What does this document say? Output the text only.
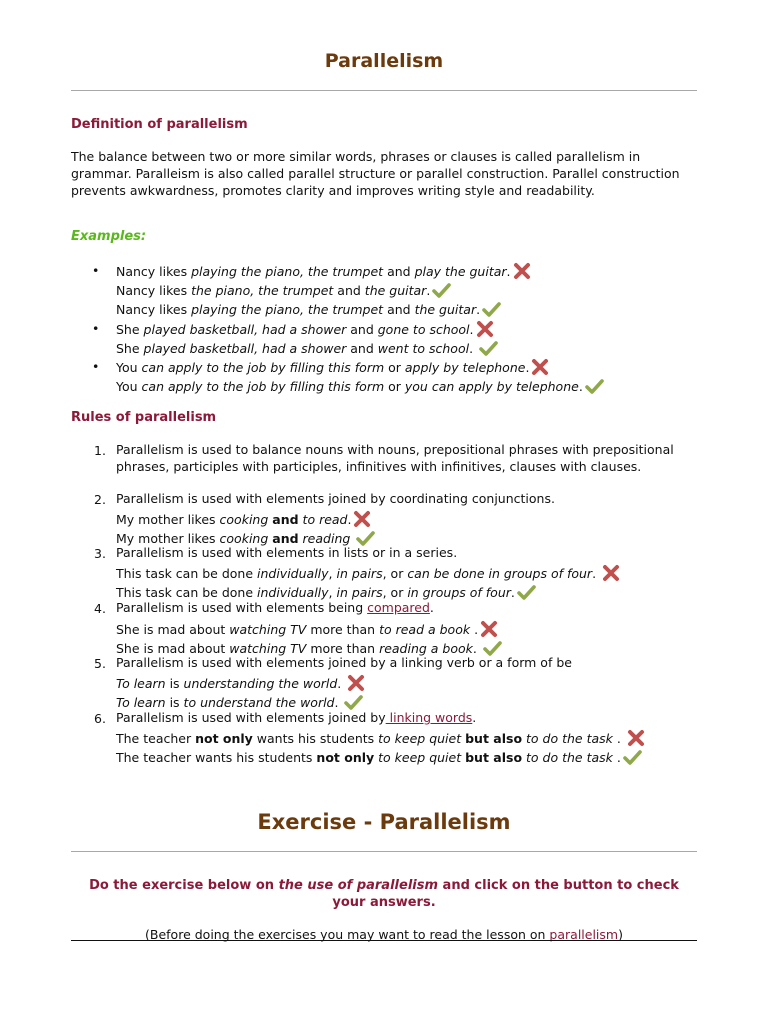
Parallelism
Definition of parallelism

The balance between two or more similar words, phrases or clauses is called parallelism in grammar. Paralleism is also called parallel structure or parallel construction. Parallel construction prevents awkwardness, promotes clarity and improves writing style and readability.

Examples:
• Nancy likes playing the piano, the trumpet and play the guitar.
Nancy likes the piano, the trumpet and the guitar.
Nancy likes playing the piano, the trumpet and the guitar.
• She played basketball, had a shower and gone to school.
She played basketball, had a shower and went to school.
• You can apply to the job by filling this form or apply by telephone.
You can apply to the job by filling this form or you can apply by telephone.
Rules of parallelism
1. Parallelism is used to balance nouns with nouns, prepositional phrases with prepositional phrases, participles with participles, infinitives with infinitives, clauses with clauses.
2. Parallelism is used with elements joined by coordinating conjunctions.
My mother likes cooking and to read.
My mother likes cooking and reading
3. Parallelism is used with elements in lists or in a series.
This task can be done individually, in pairs, or can be done in groups of four.
This task can be done individually, in pairs, or in groups of four.
4. Parallelism is used with elements being compared.
She is mad about watching TV more than to read a book .
She is mad about watching TV more than reading a book.
5. Parallelism is used with elements joined by a linking verb or a form of be
To learn is understanding the world.
To learn is to understand the world.
6. Parallelism is used with elements joined by linking words.
The teacher not only wants his students to keep quiet but also to do the task .
The teacher wants his students not only to keep quiet but also to do the task .
Exercise - Parallelism
Do the exercise below on the use of parallelism and click on the button to check your answers.
(Before doing the exercises you may want to read the lesson on parallelism)
